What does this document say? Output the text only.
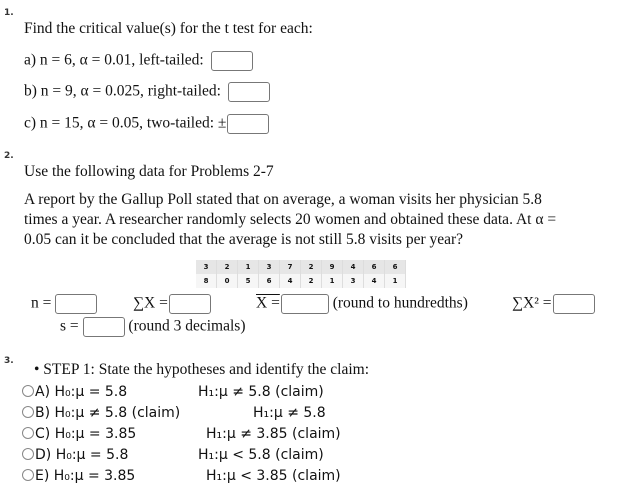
1.
Find the critical value(s) for the t test for each:
a) n = 6, α = 0.01, left-tailed:
b) n = 9, α = 0.025, right-tailed:
c) n = 15, α = 0.05, two-tailed: ±
2.
Use the following data for Problems 2-7
A report by the Gallup Poll stated that on average, a woman visits her physician 5.8
times a year. A researcher randomly selects 20 women and obtained these data. At α =
0.05 can it be concluded that the average is not still 5.8 visits per year?
3	2	1	3	7	2	9	4	6	6
8	0	5	6	4	2	1	3	4	1
n =	∑X =	X =	(round to hundredths)	∑X² =
s =	(round 3 decimals)
3. • STEP 1: State the hypotheses and identify the claim:
A) H₀:μ = 5.8	H₁:μ ≠ 5.8 (claim)
B) H₀:μ ≠ 5.8 (claim)	H₁:μ ≠ 5.8
C) H₀:μ = 3.85	H₁:μ ≠ 3.85 (claim)
D) H₀:μ = 5.8	H₁:μ < 5.8 (claim)
E) H₀:μ = 3.85	H₁:μ < 3.85 (claim)
